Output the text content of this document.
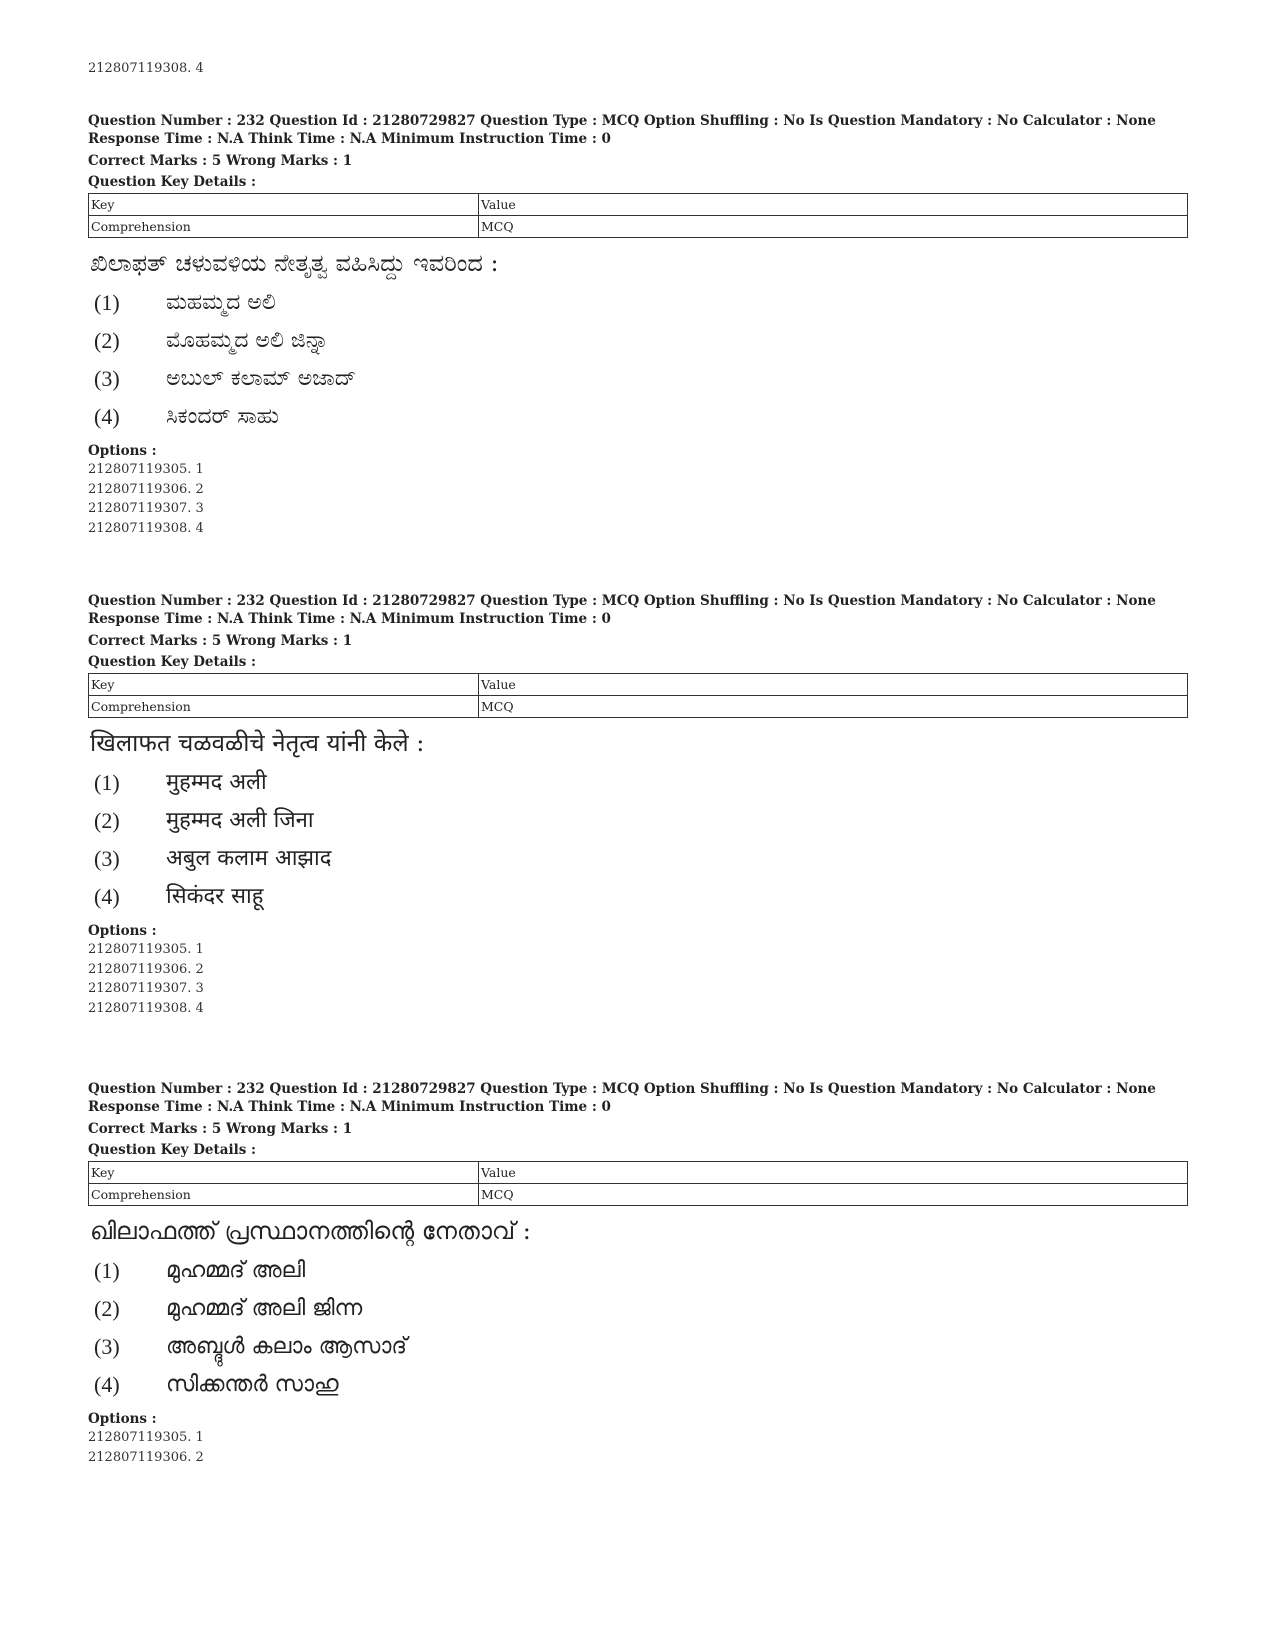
212807119308. 4
Question Number : 232 Question Id : 21280729827 Question Type : MCQ Option Shuffling : No Is Question Mandatory : No Calculator : None
Response Time : N.A Think Time : N.A Minimum Instruction Time : 0
Correct Marks : 5 Wrong Marks : 1
Question Key Details :
Key	Value
Comprehension	MCQ
ಖಿಲಾಫತ್ ಚಳುವಳಿಯ ನೇತೃತ್ವ ವಹಿಸಿದ್ದು ಇವರಿಂದ :
(1)	ಮಹಮ್ಮದ ಅಲಿ
(2)	ಮೊಹಮ್ಮದ ಅಲಿ ಜಿನ್ನಾ
(3)	ಅಬುಲ್ ಕಲಾಮ್ ಅಜಾದ್
(4)	ಸಿಕಂದರ್ ಸಾಹು
Options :
212807119305. 1
212807119306. 2
212807119307. 3
212807119308. 4
Question Number : 232 Question Id : 21280729827 Question Type : MCQ Option Shuffling : No Is Question Mandatory : No Calculator : None
Response Time : N.A Think Time : N.A Minimum Instruction Time : 0
Correct Marks : 5 Wrong Marks : 1
Question Key Details :
Key	Value
Comprehension	MCQ
खिलाफत चळवळीचे नेतृत्व यांनी केले :
(1)	मुहम्मद अली
(2)	मुहम्मद अली जिना
(3)	अबुल कलाम आझाद
(4)	सिकंदर साहू
Options :
212807119305. 1
212807119306. 2
212807119307. 3
212807119308. 4
Question Number : 232 Question Id : 21280729827 Question Type : MCQ Option Shuffling : No Is Question Mandatory : No Calculator : None
Response Time : N.A Think Time : N.A Minimum Instruction Time : 0
Correct Marks : 5 Wrong Marks : 1
Question Key Details :
Key	Value
Comprehension	MCQ
ഖിലാഫത്ത് പ്രസ്ഥാനത്തിന്റെ നേതാവ് :
(1)	മുഹമ്മദ് അലി
(2)	മുഹമ്മദ് അലി ജിന്ന
(3)	അബ്ദുൾ കലാം ആസാദ്
(4)	സിക്കന്തർ സാഹു
Options :
212807119305. 1
212807119306. 2
